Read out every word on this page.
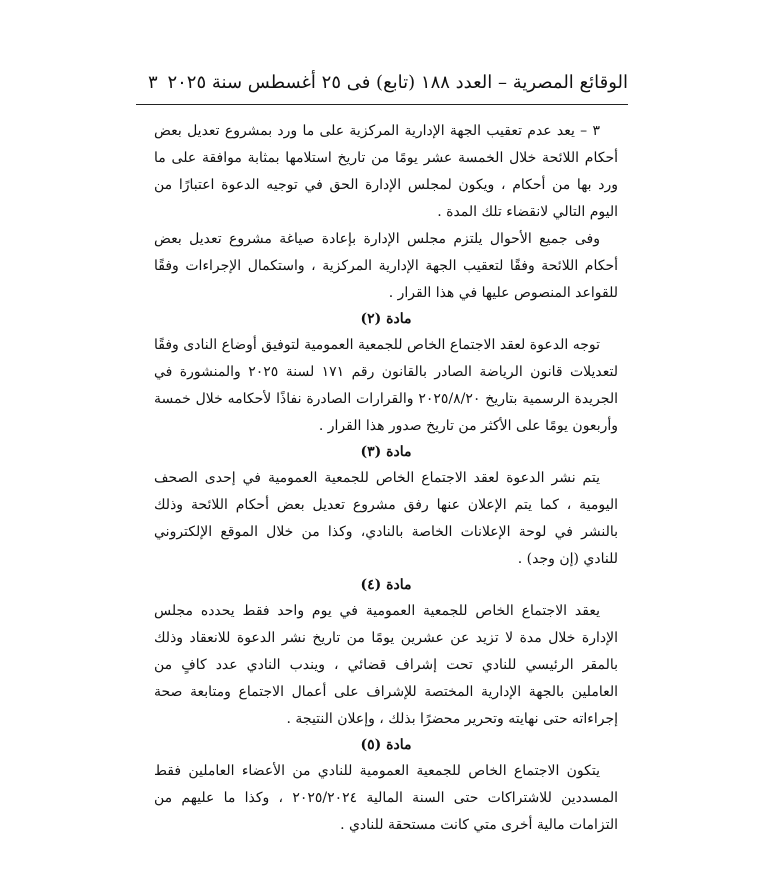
الوقائع المصرية – العدد ١٨٨ (تابع) فى ٢٥ أغسطس سنة ٢٠٢٥
٣

٣ – يعد عدم تعقيب الجهة الإدارية المركزية على ما ورد بمشروع تعديل بعض أحكام اللائحة خلال الخمسة عشر يومًا من تاريخ استلامها بمثابة موافقة على ما ورد بها من أحكام ، ويكون لمجلس الإدارة الحق في توجيه الدعوة اعتبارًا من اليوم التالي لانقضاء تلك المدة .

وفى جميع الأحوال يلتزم مجلس الإدارة بإعادة صياغة مشروع تعديل بعض أحكام اللائحة وفقًا لتعقيب الجهة الإدارية المركزية ، واستكمال الإجراءات وفقًا للقواعد المنصوص عليها في هذا القرار .

مادة (٢)

توجه الدعوة لعقد الاجتماع الخاص للجمعية العمومية لتوفيق أوضاع النادى وفقًا لتعديلات قانون الرياضة الصادر بالقانون رقم ١٧١ لسنة ٢٠٢٥ والمنشورة في الجريدة الرسمية بتاريخ ٢٠٢٥/٨/٢٠ والقرارات الصادرة نفاذًا لأحكامه خلال خمسة وأربعون يومًا على الأكثر من تاريخ صدور هذا القرار .

مادة (٣)

يتم نشر الدعوة لعقد الاجتماع الخاص للجمعية العمومية في إحدى الصحف اليومية ، كما يتم الإعلان عنها رفق مشروع تعديل بعض أحكام اللائحة وذلك بالنشر في لوحة الإعلانات الخاصة بالنادي، وكذا من خلال الموقع الإلكتروني للنادي (إن وجد) .

مادة (٤)

يعقد الاجتماع الخاص للجمعية العمومية في يوم واحد فقط يحدده مجلس الإدارة خلال مدة لا تزيد عن عشرين يومًا من تاريخ نشر الدعوة للانعقاد وذلك بالمقر الرئيسي للنادي تحت إشراف قضائي ، ويندب النادي عدد كافٍ من العاملين بالجهة الإدارية المختصة للإشراف على أعمال الاجتماع ومتابعة صحة إجراءاته حتى نهايته وتحرير محضرًا بذلك ، وإعلان النتيجة .

مادة (٥)

يتكون الاجتماع الخاص للجمعية العمومية للنادي من الأعضاء العاملين فقط المسددين للاشتراكات حتى السنة المالية ٢٠٢٥/٢٠٢٤ ، وكذا ما عليهم من التزامات مالية أخرى متي كانت مستحقة للنادي .
